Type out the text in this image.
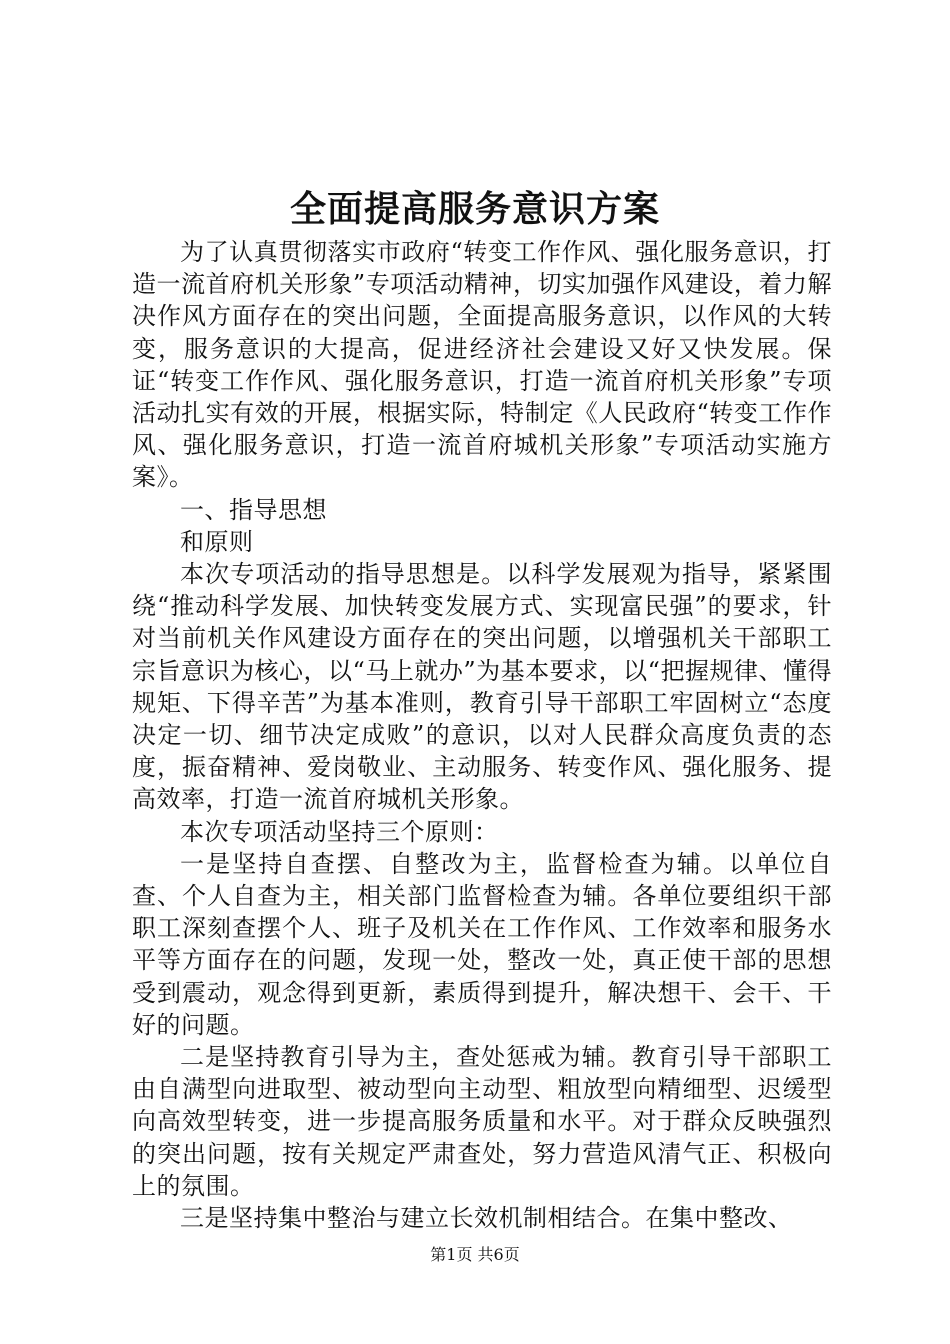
全面提高服务意识方案

为了认真贯彻落实市政府“转变工作作风、强化服务意识，打造一流首府机关形象”专项活动精神，切实加强作风建设，着力解决作风方面存在的突出问题，全面提高服务意识，以作风的大转变，服务意识的大提高，促进经济社会建设又好又快发展。保证“转变工作作风、强化服务意识，打造一流首府机关形象”专项活动扎实有效的开展，根据实际，特制定《人民政府“转变工作作风、强化服务意识，打造一流首府城机关形象”专项活动实施方案》。

一、指导思想

和原则

本次专项活动的指导思想是。以科学发展观为指导，紧紧围绕“推动科学发展、加快转变发展方式、实现富民强”的要求，针对当前机关作风建设方面存在的突出问题，以增强机关干部职工宗旨意识为核心，以“马上就办”为基本要求，以“把握规律、懂得规矩、下得辛苦”为基本准则，教育引导干部职工牢固树立“态度决定一切、细节决定成败”的意识，以对人民群众高度负责的态度，振奋精神、爱岗敬业、主动服务、转变作风、强化服务、提高效率，打造一流首府城机关形象。

本次专项活动坚持三个原则：

一是坚持自查摆、自整改为主，监督检查为辅。以单位自查、个人自查为主，相关部门监督检查为辅。各单位要组织干部职工深刻查摆个人、班子及机关在工作作风、工作效率和服务水平等方面存在的问题，发现一处，整改一处，真正使干部的思想受到震动，观念得到更新，素质得到提升，解决想干、会干、干好的问题。

二是坚持教育引导为主，查处惩戒为辅。教育引导干部职工由自满型向进取型、被动型向主动型、粗放型向精细型、迟缓型向高效型转变，进一步提高服务质量和水平。对于群众反映强烈的突出问题，按有关规定严肃查处，努力营造风清气正、积极向上的氛围。

三是坚持集中整治与建立长效机制相结合。在集中整改、

第1页 共6页
